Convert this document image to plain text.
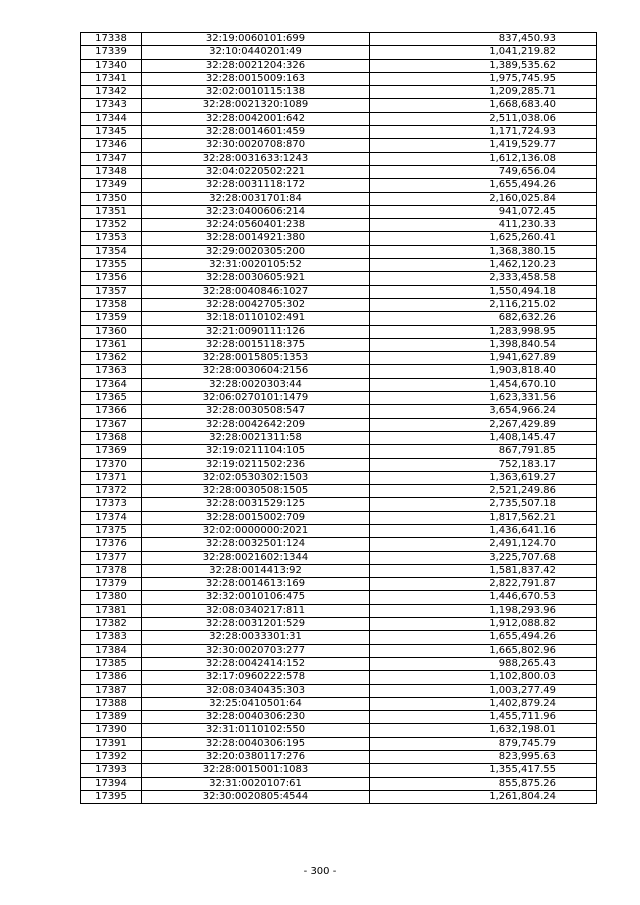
17338	32:19:0060101:699	837,450.93
17339	32:10:0440201:49	1,041,219.82
17340	32:28:0021204:326	1,389,535.62
17341	32:28:0015009:163	1,975,745.95
17342	32:02:0010115:138	1,209,285.71
17343	32:28:0021320:1089	1,668,683.40
17344	32:28:0042001:642	2,511,038.06
17345	32:28:0014601:459	1,171,724.93
17346	32:30:0020708:870	1,419,529.77
17347	32:28:0031633:1243	1,612,136.08
17348	32:04:0220502:221	749,656.04
17349	32:28:0031118:172	1,655,494.26
17350	32:28:0031701:84	2,160,025.84
17351	32:23:0400606:214	941,072.45
17352	32:24:0560401:238	411,230.33
17353	32:28:0014921:380	1,625,260.41
17354	32:29:0020305:200	1,368,380.15
17355	32:31:0020105:52	1,462,120.23
17356	32:28:0030605:921	2,333,458.58
17357	32:28:0040846:1027	1,550,494.18
17358	32:28:0042705:302	2,116,215.02
17359	32:18:0110102:491	682,632.26
17360	32:21:0090111:126	1,283,998.95
17361	32:28:0015118:375	1,398,840.54
17362	32:28:0015805:1353	1,941,627.89
17363	32:28:0030604:2156	1,903,818.40
17364	32:28:0020303:44	1,454,670.10
17365	32:06:0270101:1479	1,623,331.56
17366	32:28:0030508:547	3,654,966.24
17367	32:28:0042642:209	2,267,429.89
17368	32:28:0021311:58	1,408,145.47
17369	32:19:0211104:105	867,791.85
17370	32:19:0211502:236	752,183.17
17371	32:02:0530302:1503	1,363,619.27
17372	32:28:0030508:1505	2,521,249.86
17373	32:28:0031529:125	2,735,507.18
17374	32:28:0015002:709	1,817,562.21
17375	32:02:0000000:2021	1,436,641.16
17376	32:28:0032501:124	2,491,124.70
17377	32:28:0021602:1344	3,225,707.68
17378	32:28:0014413:92	1,581,837.42
17379	32:28:0014613:169	2,822,791.87
17380	32:32:0010106:475	1,446,670.53
17381	32:08:0340217:811	1,198,293.96
17382	32:28:0031201:529	1,912,088.82
17383	32:28:0033301:31	1,655,494.26
17384	32:30:0020703:277	1,665,802.96
17385	32:28:0042414:152	988,265.43
17386	32:17:0960222:578	1,102,800.03
17387	32:08:0340435:303	1,003,277.49
17388	32:25:0410501:64	1,402,879.24
17389	32:28:0040306:230	1,455,711.96
17390	32:31:0110102:550	1,632,198.01
17391	32:28:0040306:195	879,745.79
17392	32:20:0380117:276	823,995.63
17393	32:28:0015001:1083	1,355,417.55
17394	32:31:0020107:61	855,875.26
17395	32:30:0020805:4544	1,261,804.24
- 300 -
